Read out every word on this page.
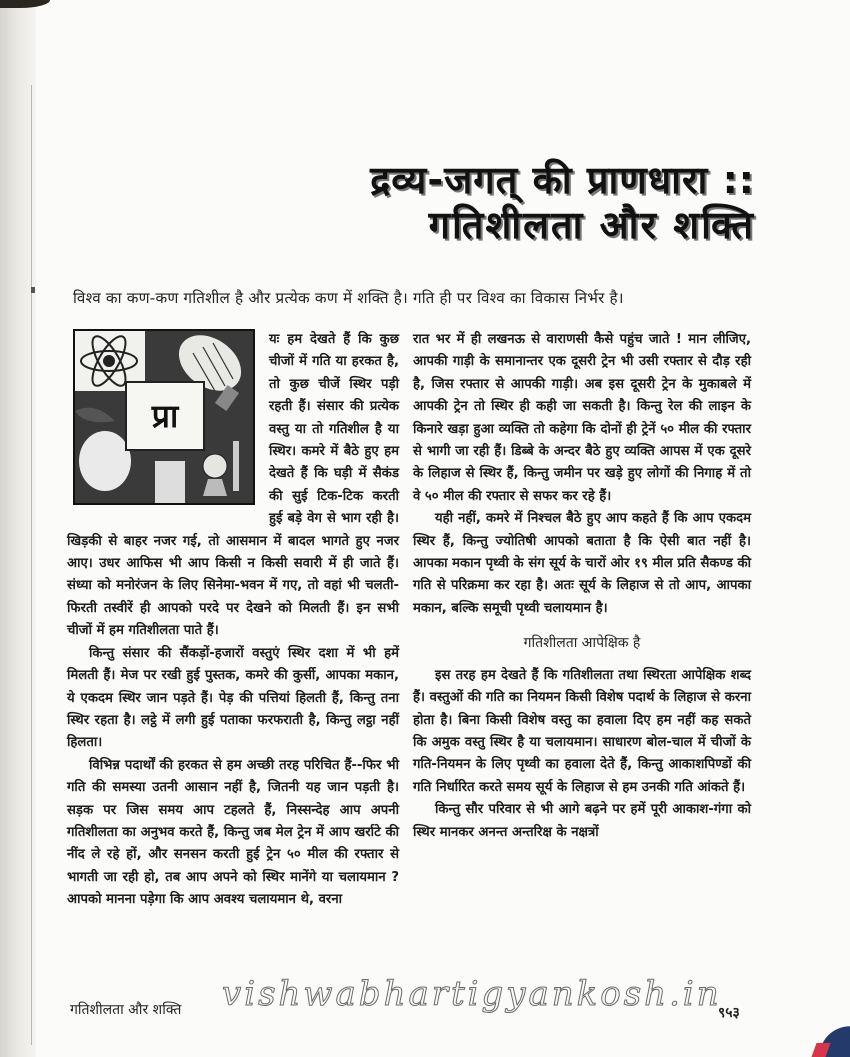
द्रव्य-जगत् की प्राणधारा ::
गतिशीलता और शक्ति
विश्व का कण-कण गतिशील है और प्रत्येक कण में शक्ति है। गति ही पर विश्व का विकास निर्भर है।
प्रा

यः हम देखते हैं कि कुछ चीजों में गति या हरकत है, तो कुछ चीजें स्थिर पड़ी रहती हैं। संसार की प्रत्येक वस्तु या तो गतिशील है या स्थिर। कमरे में बैठे हुए हम देखते हैं कि घड़ी में सैकंड की सुई टिक-टिक करती हुई बड़े वेग से भाग रही है। खिड़की से बाहर नजर गई, तो आसमान में बादल भागते हुए नजर आए। उधर आफिस भी आप किसी न किसी सवारी में ही जाते हैं। संध्या को मनोरंजन के लिए सिनेमा-भवन में गए, तो वहां भी चलती-फिरती तस्वीरें ही आपको परदे पर देखने को मिलती हैं। इन सभी चीजों में हम गतिशीलता पाते हैं।

किन्तु संसार की सैंकड़ों-हजारों वस्तुएं स्थिर दशा में भी हमें मिलती हैं। मेज पर रखी हुई पुस्तक, कमरे की कुर्सी, आपका मकान, ये एकदम स्थिर जान पड़ते हैं। पेड़ की पत्तियां हिलती हैं, किन्तु तना स्थिर रहता है। लट्ठे में लगी हुई पताका फरफराती है, किन्तु लट्ठा नहीं हिलता।

विभिन्न पदार्थों की हरकत से हम अच्छी तरह परिचित हैं--फिर भी गति की समस्या उतनी आसान नहीं है, जितनी यह जान पड़ती है। सड़क पर जिस समय आप टहलते हैं, निस्सन्देह आप अपनी गतिशीलता का अनुभव करते हैं, किन्तु जब मेल ट्रेन में आप खर्राटे की नींद ले रहे हों, और सनसन करती हुई ट्रेन ५० मील की रफ्तार से भागती जा रही हो, तब आप अपने को स्थिर मानेंगे या चलायमान ? आपको मानना पड़ेगा कि आप अवश्य चलायमान थे, वरना

रात भर में ही लखनऊ से वाराणसी कैसे पहुंच जाते ! मान लीजिए, आपकी गाड़ी के समानान्तर एक दूसरी ट्रेन भी उसी रफ्तार से दौड़ रही है, जिस रफ्तार से आपकी गाड़ी। अब इस दूसरी ट्रेन के मुकाबले में आपकी ट्रेन तो स्थिर ही कही जा सकती है। किन्तु रेल की लाइन के किनारे खड़ा हुआ व्यक्ति तो कहेगा कि दोनों ही ट्रेनें ५० मील की रफ्तार से भागी जा रही हैं। डिब्बे के अन्दर बैठे हुए व्यक्ति आपस में एक दूसरे के लिहाज से स्थिर हैं, किन्तु जमीन पर खड़े हुए लोगों की निगाह में तो वे ५० मील की रफ्तार से सफर कर रहे हैं।

यही नहीं, कमरे में निश्चल बैठे हुए आप कहते हैं कि आप एकदम स्थिर हैं, किन्तु ज्योतिषी आपको बताता है कि ऐसी बात नहीं है। आपका मकान पृथ्वी के संग सूर्य के चारों ओर १९ मील प्रति सैकण्ड की गति से परिक्रमा कर रहा है। अतः सूर्य के लिहाज से तो आप, आपका मकान, बल्कि समूची पृथ्वी चलायमान है।

गतिशीलता आपेक्षिक है

इस तरह हम देखते हैं कि गतिशीलता तथा स्थिरता आपेक्षिक शब्द हैं। वस्तुओं की गति का नियमन किसी विशेष पदार्थ के लिहाज से करना होता है। बिना किसी विशेष वस्तु का हवाला दिए हम नहीं कह सकते कि अमुक वस्तु स्थिर है या चलायमान। साधारण बोल-चाल में चीजों के गति-नियमन के लिए पृथ्वी का हवाला देते हैं, किन्तु आकाशपिण्डों की गति निर्धारित करते समय सूर्य के लिहाज से हम उनकी गति आंकते हैं।

किन्तु सौर परिवार से भी आगे बढ़ने पर हमें पूरी आकाश-गंगा को स्थिर मानकर अनन्त अन्तरिक्ष के नक्षत्रों

vishwabhartigyankosh.in
गतिशीलता और शक्ति	९५३
